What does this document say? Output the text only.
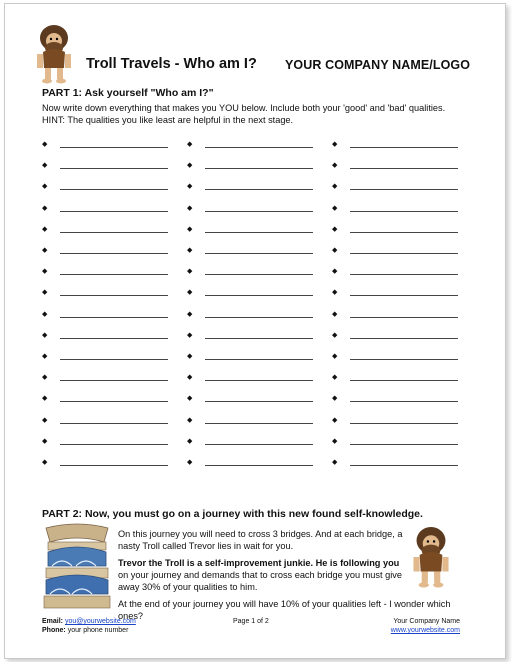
Troll Travels - Who am I? YOUR COMPANY NAME/LOGO
PART 1: Ask yourself "Who am I?"
Now write down everything that makes you YOU below. Include both your 'good' and 'bad' qualities.
HINT: The qualities you like least are helpful in the next stage.
◆	◆	◆
◆	◆	◆
◆	◆	◆
◆	◆	◆
◆	◆	◆
◆	◆	◆
◆	◆	◆
◆	◆	◆
◆	◆	◆
◆	◆	◆
◆	◆	◆
◆	◆	◆
◆	◆	◆
◆	◆	◆
◆	◆	◆
◆	◆	◆
PART 2: Now, you must go on a journey with this new found self-knowledge.
On this journey you will need to cross 3 bridges. And at each bridge, a nasty Troll called Trevor lies in wait for you.
Trevor the Troll is a self-improvement junkie. He is following you on your journey and demands that to cross each bridge you must give away 30% of your qualities to him.
At the end of your journey you will have 10% of your qualities left - I wonder which ones?
Email: you@yourwebsite.com
Phone: your phone number
Page 1 of 2	Your Company Name
www.yourwebsite.com
